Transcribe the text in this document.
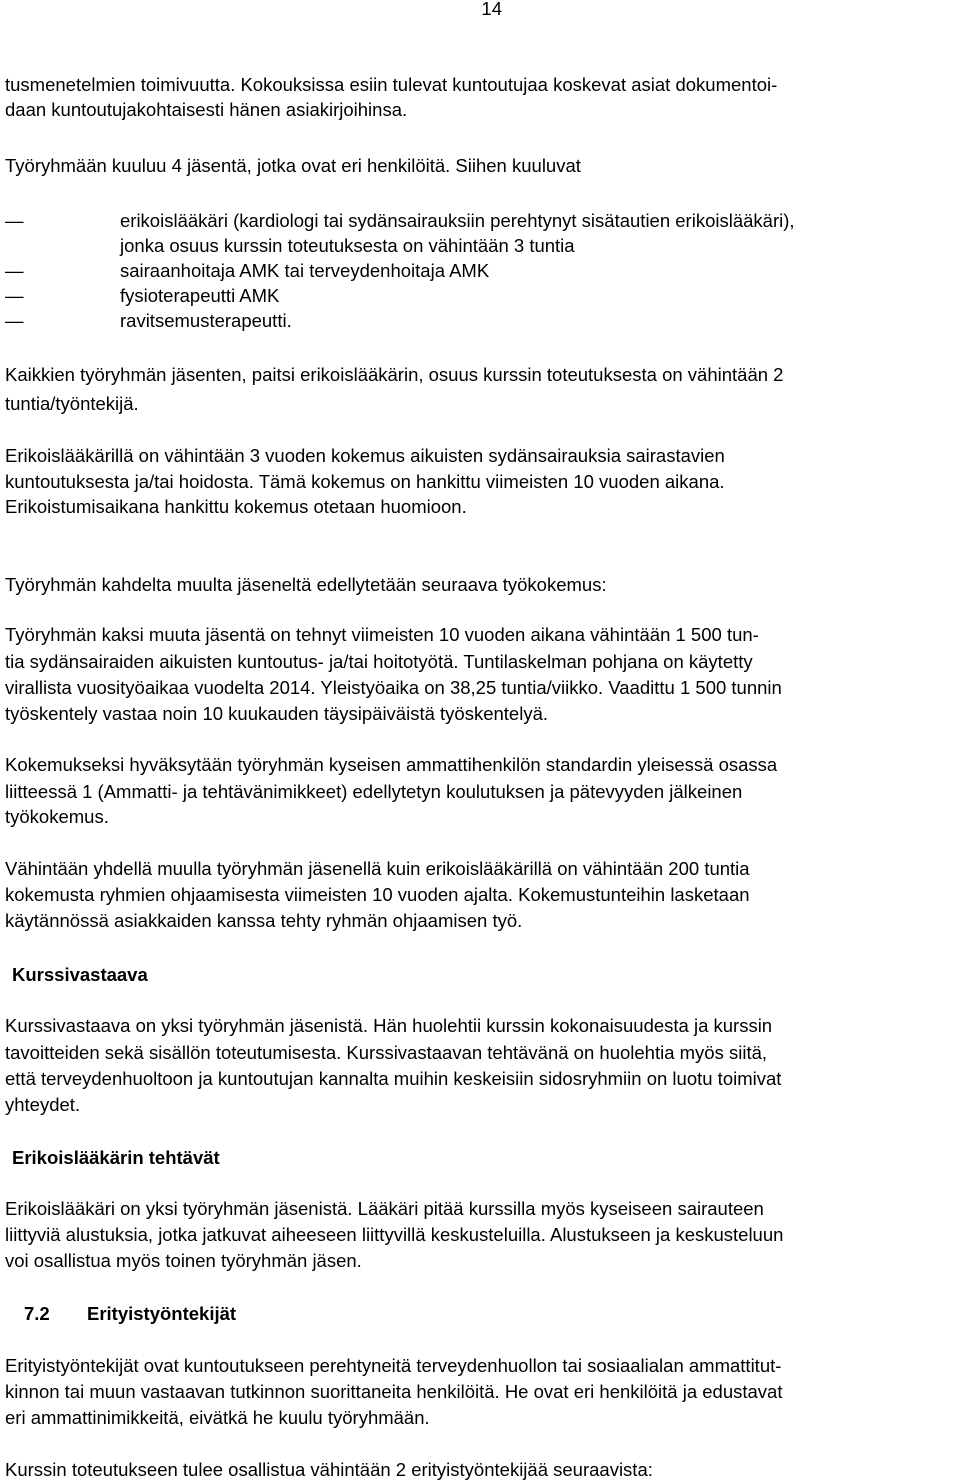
14
tusmenetelmien toimivuutta. Kokouksissa esiin tulevat kuntoutujaa koskevat asiat dokumentoi-
daan kuntoutujakohtaisesti hänen asiakirjoihinsa.
Työryhmään kuuluu 4 jäsentä, jotka ovat eri henkilöitä. Siihen kuuluvat
—	erikoislääkäri (kardiologi tai sydänsairauksiin perehtynyt sisätautien erikoislääkäri),
jonka osuus kurssin toteutuksesta on vähintään 3 tuntia
—	sairaanhoitaja AMK tai terveydenhoitaja AMK
—	fysioterapeutti AMK
—	ravitsemusterapeutti.
Kaikkien työryhmän jäsenten, paitsi erikoislääkärin, osuus kurssin toteutuksesta on vähintään 2
tuntia/työntekijä.
Erikoislääkärillä on vähintään 3 vuoden kokemus aikuisten sydänsairauksia sairastavien
kuntoutuksesta ja/tai hoidosta. Tämä kokemus on hankittu viimeisten 10 vuoden aikana.
Erikoistumisaikana hankittu kokemus otetaan huomioon.
Työryhmän kahdelta muulta jäseneltä edellytetään seuraava työkokemus:
Työryhmän kaksi muuta jäsentä on tehnyt viimeisten 10 vuoden aikana vähintään 1 500 tun-
tia sydänsairaiden aikuisten kuntoutus- ja/tai hoitotyötä. Tuntilaskelman pohjana on käytetty
virallista vuosityöaikaa vuodelta 2014. Yleistyöaika on 38,25 tuntia/viikko. Vaadittu 1 500 tunnin
työskentely vastaa noin 10 kuukauden täysipäiväistä työskentelyä.
Kokemukseksi hyväksytään työryhmän kyseisen ammattihenkilön standardin yleisessä osassa
liitteessä 1 (Ammatti- ja tehtävänimikkeet) edellytetyn koulutuksen ja pätevyyden jälkeinen
työkokemus.
Vähintään yhdellä muulla työryhmän jäsenellä kuin erikoislääkärillä on vähintään 200 tuntia
kokemusta ryhmien ohjaamisesta viimeisten 10 vuoden ajalta. Kokemustunteihin lasketaan
käytännössä asiakkaiden kanssa tehty ryhmän ohjaamisen työ.
Kurssivastaava
Kurssivastaava on yksi työryhmän jäsenistä. Hän huolehtii kurssin kokonaisuudesta ja kurssin
tavoitteiden sekä sisällön toteutumisesta. Kurssivastaavan tehtävänä on huolehtia myös siitä,
että terveydenhuoltoon ja kuntoutujan kannalta muihin keskeisiin sidosryhmiin on luotu toimivat
yhteydet.
Erikoislääkärin tehtävät
Erikoislääkäri on yksi työryhmän jäsenistä. Lääkäri pitää kurssilla myös kyseiseen sairauteen
liittyviä alustuksia, jotka jatkuvat aiheeseen liittyvillä keskusteluilla. Alustukseen ja keskusteluun
voi osallistua myös toinen työryhmän jäsen.
7.2 Erityistyöntekijät
Erityistyöntekijät ovat kuntoutukseen perehtyneitä terveydenhuollon tai sosiaalialan ammattitut-
kinnon tai muun vastaavan tutkinnon suorittaneita henkilöitä. He ovat eri henkilöitä ja edustavat
eri ammattinimikkeitä, eivätkä he kuulu työryhmään.
Kurssin toteutukseen tulee osallistua vähintään 2 erityistyöntekijää seuraavista:
